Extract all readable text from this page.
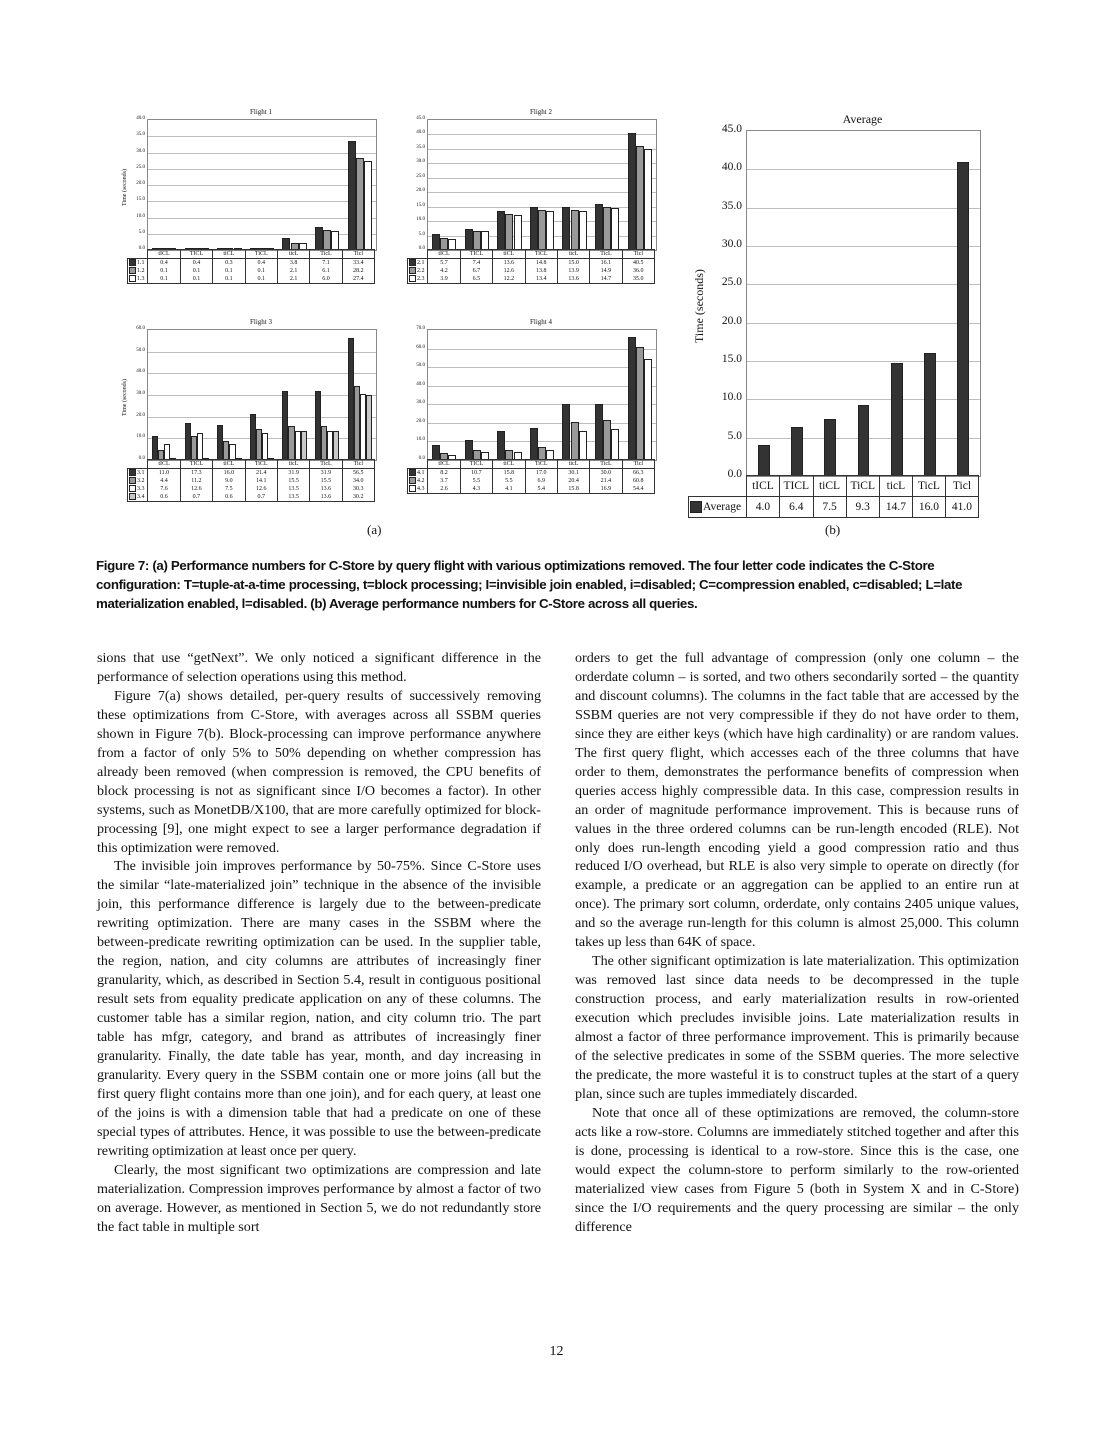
Flight 1
0.0
5.0
10.0
15.0
20.0
25.0
30.0
35.0
40.0
Time (seconds)
	tICL	TICL	tiCL	TiCL	ticL	TicL	Ticl
1.1	0.4	0.4	0.3	0.4	3.8	7.1	33.4
1.2	0.1	0.1	0.1	0.1	2.1	6.1	28.2
1.3	0.1	0.1	0.1	0.1	2.1	6.0	27.4
Flight 2
0.0
5.0
10.0
15.0
20.0
25.0
30.0
35.0
40.0
45.0
	tICL	TICL	tiCL	TiCL	ticL	TicL	Ticl
2.1	5.7	7.4	13.6	14.8	15.0	16.1	40.5
2.2	4.2	6.7	12.6	13.8	13.9	14.9	36.0
2.3	3.9	6.5	12.2	13.4	13.6	14.7	35.0
Flight 3
0.0
10.0
20.0
30.0
40.0
50.0
60.0
Time (seconds)
	tICL	TICL	tiCL	TiCL	ticL	TicL	Ticl
3.1	11.0	17.3	16.0	21.4	31.9	31.9	56.5
3.2	4.4	11.2	9.0	14.1	15.5	15.5	34.0
3.3	7.6	12.6	7.5	12.6	13.5	13.6	30.3
3.4	0.6	0.7	0.6	0.7	13.5	13.6	30.2
Flight 4
0.0
10.0
20.0
30.0
40.0
50.0
60.0
70.0
	tICL	TICL	tiCL	TiCL	ticL	TicL	Ticl
4.1	8.2	10.7	15.8	17.0	30.1	30.0	66.3
4.2	3.7	5.5	5.5	6.9	20.4	21.4	60.8
4.3	2.6	4.3	4.1	5.4	15.8	16.9	54.4
Average
0.0
5.0
10.0
15.0
20.0
25.0
30.0
35.0
40.0
45.0
Time (seconds)
	tICL	TICL	tiCL	TiCL	ticL	TicL	Ticl
Average	4.0	6.4	7.5	9.3	14.7	16.0	41.0
(a)	(b)
Figure 7: (a) Performance numbers for C-Store by query flight with various optimizations removed. The four letter code indicates the C-Store configuration: T=tuple-at-a-time processing, t=block processing; I=invisible join enabled, i=disabled; C=compression enabled, c=disabled; L=late materialization enabled, l=disabled. (b) Average performance numbers for C-Store across all queries.

sions that use “getNext”. We only noticed a significant difference in the performance of selection operations using this method.

Figure 7(a) shows detailed, per-query results of successively removing these optimizations from C-Store, with averages across all SSBM queries shown in Figure 7(b). Block-processing can improve performance anywhere from a factor of only 5% to 50% depending on whether compression has already been removed (when compression is removed, the CPU benefits of block processing is not as significant since I/O becomes a factor). In other systems, such as MonetDB/X100, that are more carefully optimized for block-processing [9], one might expect to see a larger performance degradation if this optimization were removed.

The invisible join improves performance by 50-75%. Since C-Store uses the similar “late-materialized join” technique in the absence of the invisible join, this performance difference is largely due to the between-predicate rewriting optimization. There are many cases in the SSBM where the between-predicate rewriting optimization can be used. In the supplier table, the region, nation, and city columns are attributes of increasingly finer granularity, which, as described in Section 5.4, result in contiguous positional result sets from equality predicate application on any of these columns. The customer table has a similar region, nation, and city column trio. The part table has mfgr, category, and brand as attributes of increasingly finer granularity. Finally, the date table has year, month, and day increasing in granularity. Every query in the SSBM contain one or more joins (all but the first query flight contains more than one join), and for each query, at least one of the joins is with a dimension table that had a predicate on one of these special types of attributes. Hence, it was possible to use the between-predicate rewriting optimization at least once per query.

Clearly, the most significant two optimizations are compression and late materialization. Compression improves performance by almost a factor of two on average. However, as mentioned in Section 5, we do not redundantly store the fact table in multiple sort

orders to get the full advantage of compression (only one column – the orderdate column – is sorted, and two others secondarily sorted – the quantity and discount columns). The columns in the fact table that are accessed by the SSBM queries are not very compressible if they do not have order to them, since they are either keys (which have high cardinality) or are random values. The first query flight, which accesses each of the three columns that have order to them, demonstrates the performance benefits of compression when queries access highly compressible data. In this case, compression results in an order of magnitude performance improvement. This is because runs of values in the three ordered columns can be run-length encoded (RLE). Not only does run-length encoding yield a good compression ratio and thus reduced I/O overhead, but RLE is also very simple to operate on directly (for example, a predicate or an aggregation can be applied to an entire run at once). The primary sort column, orderdate, only contains 2405 unique values, and so the average run-length for this column is almost 25,000. This column takes up less than 64K of space.

The other significant optimization is late materialization. This optimization was removed last since data needs to be decompressed in the tuple construction process, and early materialization results in row-oriented execution which precludes invisible joins. Late materialization results in almost a factor of three performance improvement. This is primarily because of the selective predicates in some of the SSBM queries. The more selective the predicate, the more wasteful it is to construct tuples at the start of a query plan, since such are tuples immediately discarded.

Note that once all of these optimizations are removed, the column-store acts like a row-store. Columns are immediately stitched together and after this is done, processing is identical to a row-store. Since this is the case, one would expect the column-store to perform similarly to the row-oriented materialized view cases from Figure 5 (both in System X and in C-Store) since the I/O requirements and the query processing are similar – the only difference

12
